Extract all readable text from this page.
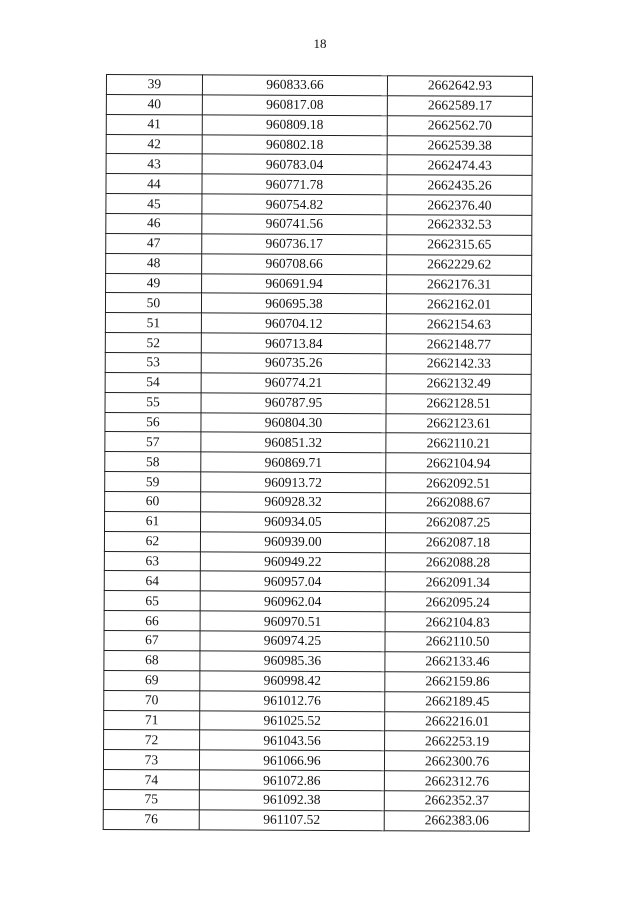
18
39	960833.66	2662642.93
40	960817.08	2662589.17
41	960809.18	2662562.70
42	960802.18	2662539.38
43	960783.04	2662474.43
44	960771.78	2662435.26
45	960754.82	2662376.40
46	960741.56	2662332.53
47	960736.17	2662315.65
48	960708.66	2662229.62
49	960691.94	2662176.31
50	960695.38	2662162.01
51	960704.12	2662154.63
52	960713.84	2662148.77
53	960735.26	2662142.33
54	960774.21	2662132.49
55	960787.95	2662128.51
56	960804.30	2662123.61
57	960851.32	2662110.21
58	960869.71	2662104.94
59	960913.72	2662092.51
60	960928.32	2662088.67
61	960934.05	2662087.25
62	960939.00	2662087.18
63	960949.22	2662088.28
64	960957.04	2662091.34
65	960962.04	2662095.24
66	960970.51	2662104.83
67	960974.25	2662110.50
68	960985.36	2662133.46
69	960998.42	2662159.86
70	961012.76	2662189.45
71	961025.52	2662216.01
72	961043.56	2662253.19
73	961066.96	2662300.76
74	961072.86	2662312.76
75	961092.38	2662352.37
76	961107.52	2662383.06
